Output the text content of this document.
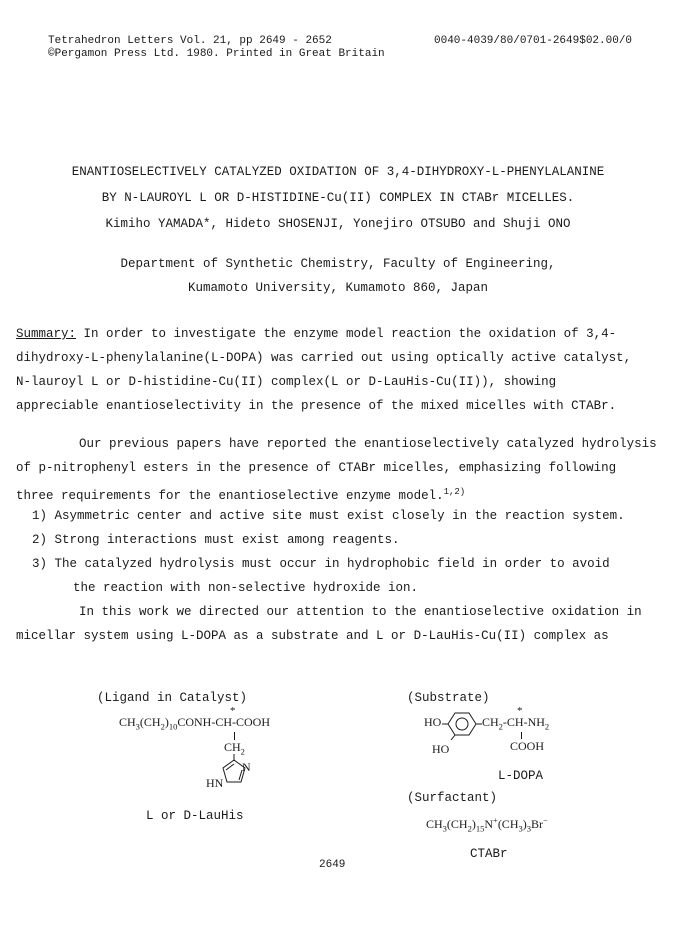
Tetrahedron Letters Vol. 21, pp 2649 - 2652
©Pergamon Press Ltd. 1980. Printed in Great Britain
0040-4039/80/0701-2649$02.00/0
ENANTIOSELECTIVELY CATALYZED OXIDATION OF 3,4-DIHYDROXY-L-PHENYLALANINE
BY N-LAUROYL L OR D-HISTIDINE-Cu(II) COMPLEX IN CTABr MICELLES.
Kimiho YAMADA*, Hideto SHOSENJI, Yonejiro OTSUBO and Shuji ONO
Department of Synthetic Chemistry, Faculty of Engineering,
Kumamoto University, Kumamoto 860, Japan
Summary: In order to investigate the enzyme model reaction the oxidation of 3,4-
dihydroxy-L-phenylalanine(L-DOPA) was carried out using optically active catalyst,
N-lauroyl L or D-histidine-Cu(II) complex(L or D-LauHis-Cu(II)), showing
appreciable enantioselectivity in the presence of the mixed micelles with CTABr.
Our previous papers have reported the enantioselectively catalyzed hydrolysis
of p-nitrophenyl esters in the presence of CTABr micelles, emphasizing following
three requirements for the enantioselective enzyme model.$^{1,2)}$
1) Asymmetric center and active site must exist closely in the reaction system.
2) Strong interactions must exist among reagents.
3) The catalyzed hydrolysis must occur in hydrophobic field in order to avoid
the reaction with non-selective hydroxide ion.
In this work we directed our attention to the enantioselective oxidation in
micellar system using L-DOPA as a substrate and L or D-LauHis-Cu(II) complex as
(Ligand in Catalyst)
$CH_3(CH_2)_{10}CONH-CH$-COOH
*
$CH_2$
N
HN
L or D-LauHis
(Substrate)
HO	$CH_2-CH-NH_2$
*
COOH
HO
L-DOPA
(Surfactant)
$CH_3(CH_2)_{15}N^+(CH_3)_3Br^-$
CTABr
2649
